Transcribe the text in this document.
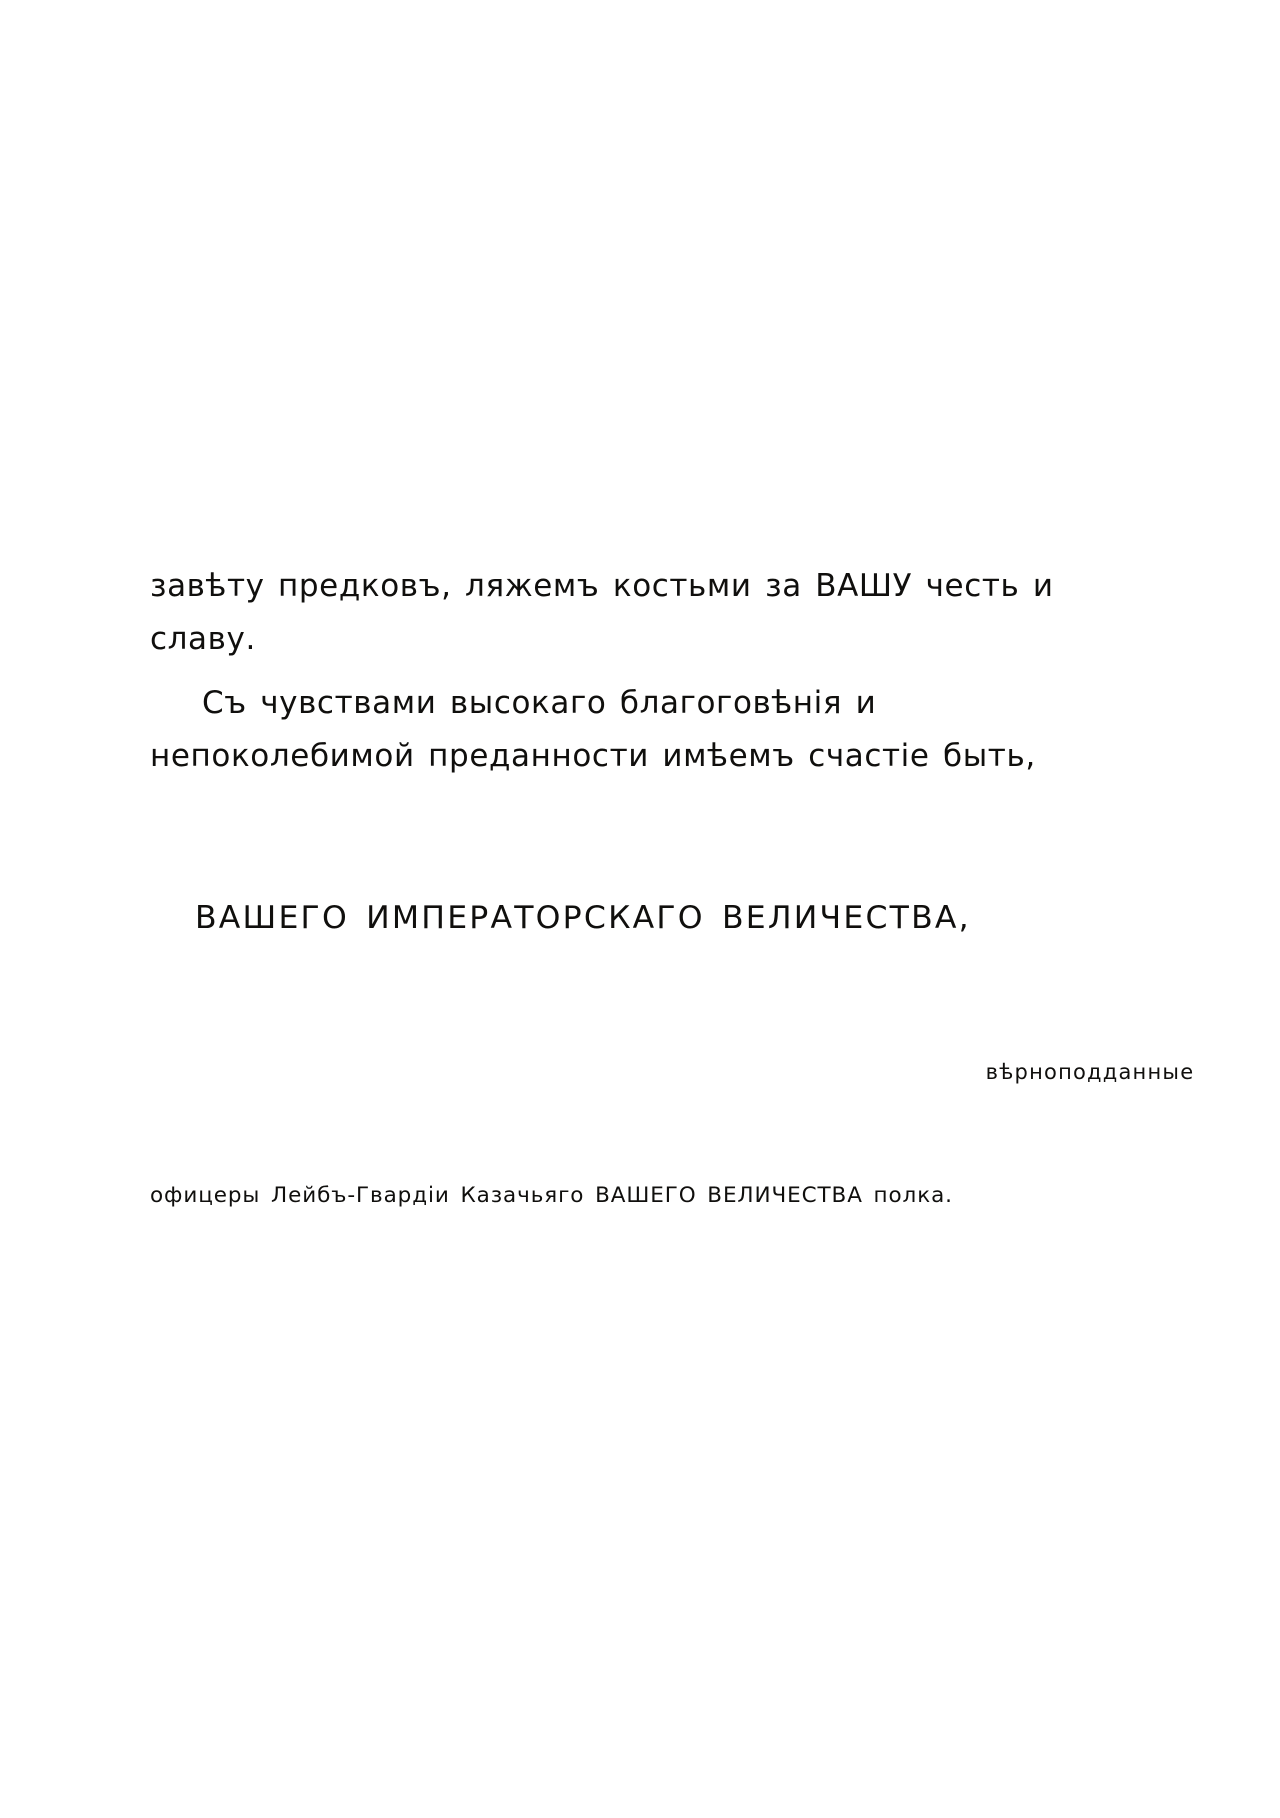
завѣту предковъ, ляжемъ костьми за ВАШУ честь и славу.

Съ чувствами высокаго благоговѣнія и непоколебимой преданности имѣемъ счастіе быть,

ВАШЕГО ИМПЕРАТОРСКАГО ВЕЛИЧЕСТВА,
вѣрноподданные
офицеры Лейбъ-Гвардіи Казачьяго ВАШЕГО ВЕЛИЧЕСТВА полка.
